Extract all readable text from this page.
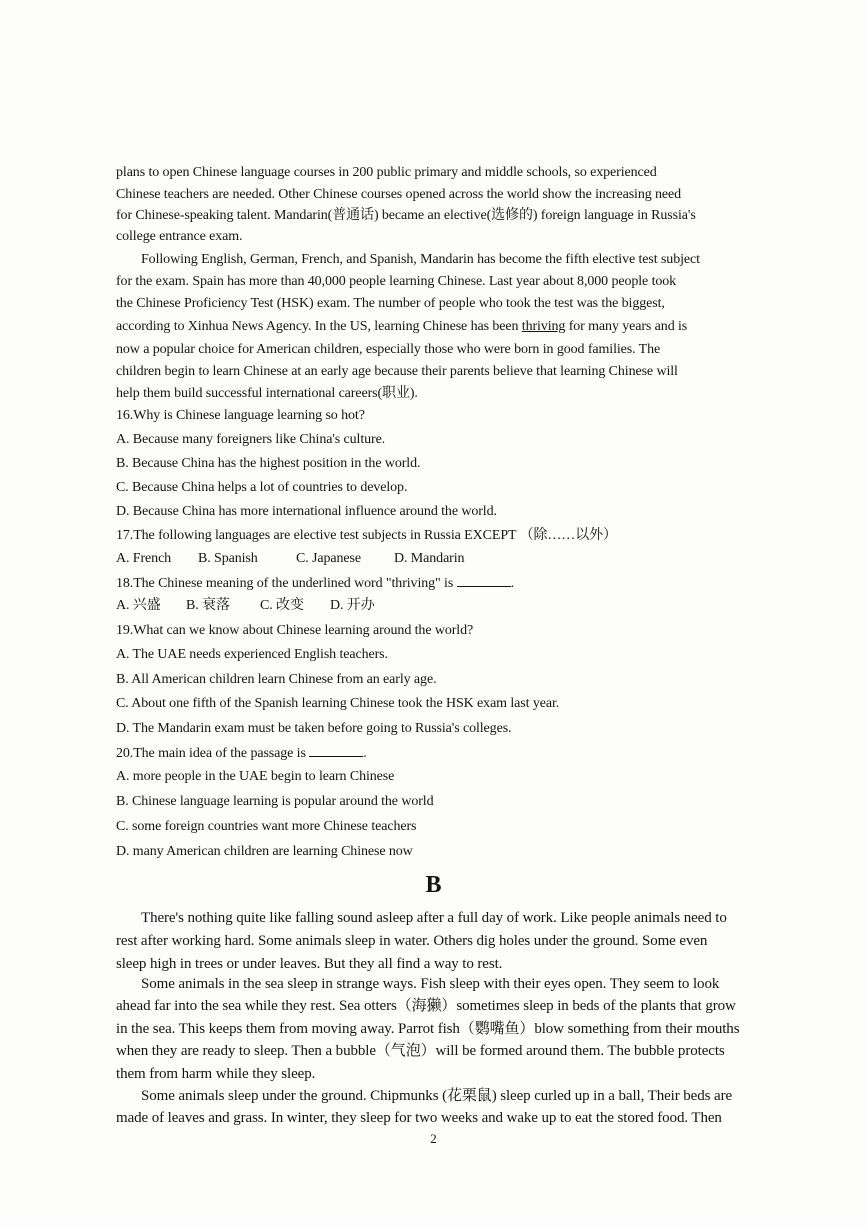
plans to open Chinese language courses in 200 public primary and middle schools, so experienced
Chinese teachers are needed. Other Chinese courses opened across the world show the increasing need
for Chinese-speaking talent. Mandarin(普通话) became an elective(选修的) foreign language in Russia's
college entrance exam.
Following English, German, French, and Spanish, Mandarin has become the fifth elective test subject
for the exam. Spain has more than 40,000 people learning Chinese. Last year about 8,000 people took
the Chinese Proficiency Test (HSK) exam. The number of people who took the test was the biggest,
according to Xinhua News Agency. In the US, learning Chinese has been thriving for many years and is
now a popular choice for American children, especially those who were born in good families. The
children begin to learn Chinese at an early age because their parents believe that learning Chinese will
help them build successful international careers(职业).
16.Why is Chinese language learning so hot?
A. Because many foreigners like China's culture.
B. Because China has the highest position in the world.
C. Because China helps a lot of countries to develop.
D. Because China has more international influence around the world.
17.The following languages are elective test subjects in Russia EXCEPT （除……以外）
A. French B. Spanish	C. Japanese D. Mandarin
18.The Chinese meaning of the underlined word "thriving" is	.
A. 兴盛 B. 衰落 C. 改变 D. 开办
19.What can we know about Chinese learning around the world?
A. The UAE needs experienced English teachers.
B. All American children learn Chinese from an early age.
C. About one fifth of the Spanish learning Chinese took the HSK exam last year.
D. The Mandarin exam must be taken before going to Russia's colleges.
20.The main idea of the passage is	.
A. more people in the UAE begin to learn Chinese
B. Chinese language learning is popular around the world
C. some foreign countries want more Chinese teachers
D. many American children are learning Chinese now
B
There's nothing quite like falling sound asleep after a full day of work. Like people animals need to
rest after working hard. Some animals sleep in water. Others dig holes under the ground. Some even
sleep high in trees or under leaves. But they all find a way to rest.
Some animals in the sea sleep in strange ways. Fish sleep with their eyes open. They seem to look
ahead far into the sea while they rest. Sea otters（海獭）sometimes sleep in beds of the plants that grow
in the sea. This keeps them from moving away. Parrot fish（鹦嘴鱼）blow something from their mouths
when they are ready to sleep. Then a bubble（气泡）will be formed around them. The bubble protects
them from harm while they sleep.
Some animals sleep under the ground. Chipmunks (花栗鼠) sleep curled up in a ball, Their beds are
made of leaves and grass. In winter, they sleep for two weeks and wake up to eat the stored food. Then
2
